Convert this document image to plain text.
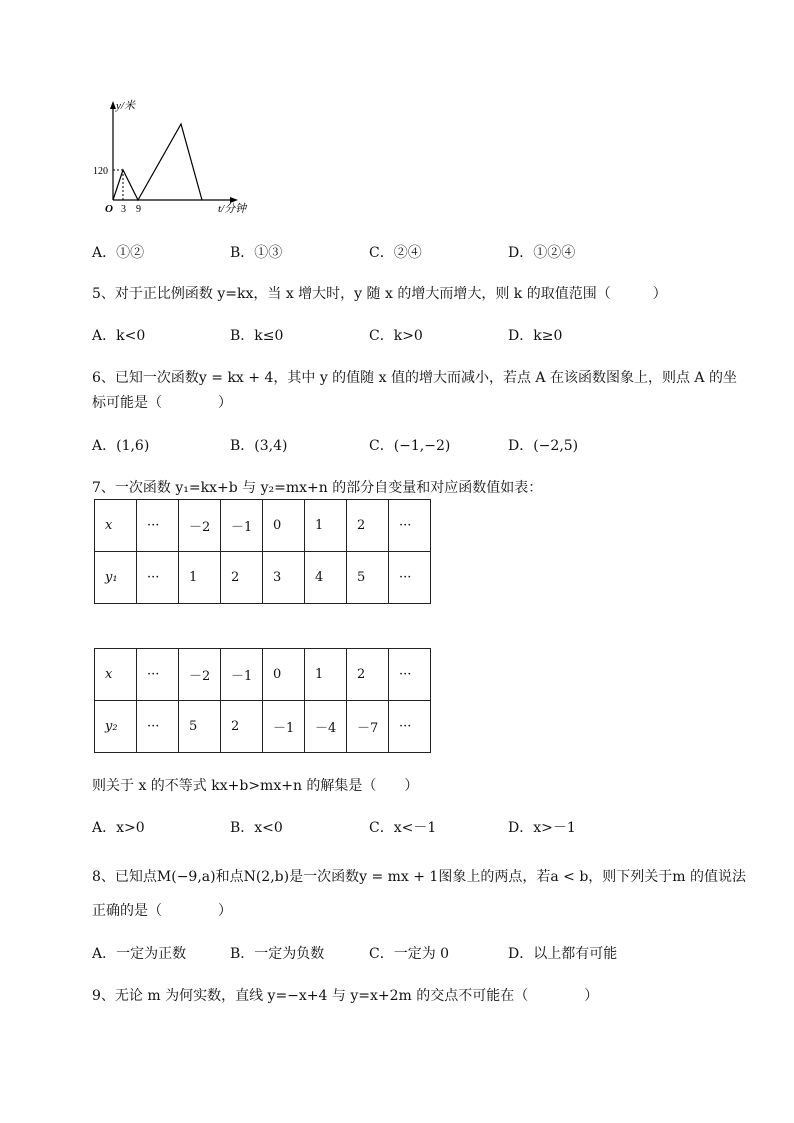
y/米
120
O 3 9	t/分钟
A．①②	B．①③	C．②④	D．①②④
5、对于正比例函数 y=kx，当 x 增大时，y 随 x 的增大而增大，则 k 的取值范围（　　　）
A．k<0	B．k≤0	C．k>0	D．k≥0
6、已知一次函数y = kx + 4，其中 y 的值随 x 值的增大而减小，若点 A 在该函数图象上，则点 A 的坐
标可能是（　　　　）
A．(1,6)	B．(3,4)	C．(−1,−2)	D．(−2,5)
7、一次函数 y₁=kx+b 与 y₂=mx+n 的部分自变量和对应函数值如表：
x	···	－2	－1	0	1	2	···
y₁	···	1	2	3	4	5	···
x	···	－2	－1	0	1	2	···
y₂	···	5	2	－1	－4	－7	···
则关于 x 的不等式 kx+b>mx+n 的解集是（　　）
A．x>0	B．x<0	C．x<－1	D．x>－1
8、已知点M(−9,a)和点N(2,b)是一次函数y = mx + 1图象上的两点，若a < b，则下列关于m 的值说法
正确的是（　　　　）
A．一定为正数	B．一定为负数	C．一定为 0	D．以上都有可能
9、无论 m 为何实数，直线 y=−x+4 与 y=x+2m 的交点不可能在（　　　　）
